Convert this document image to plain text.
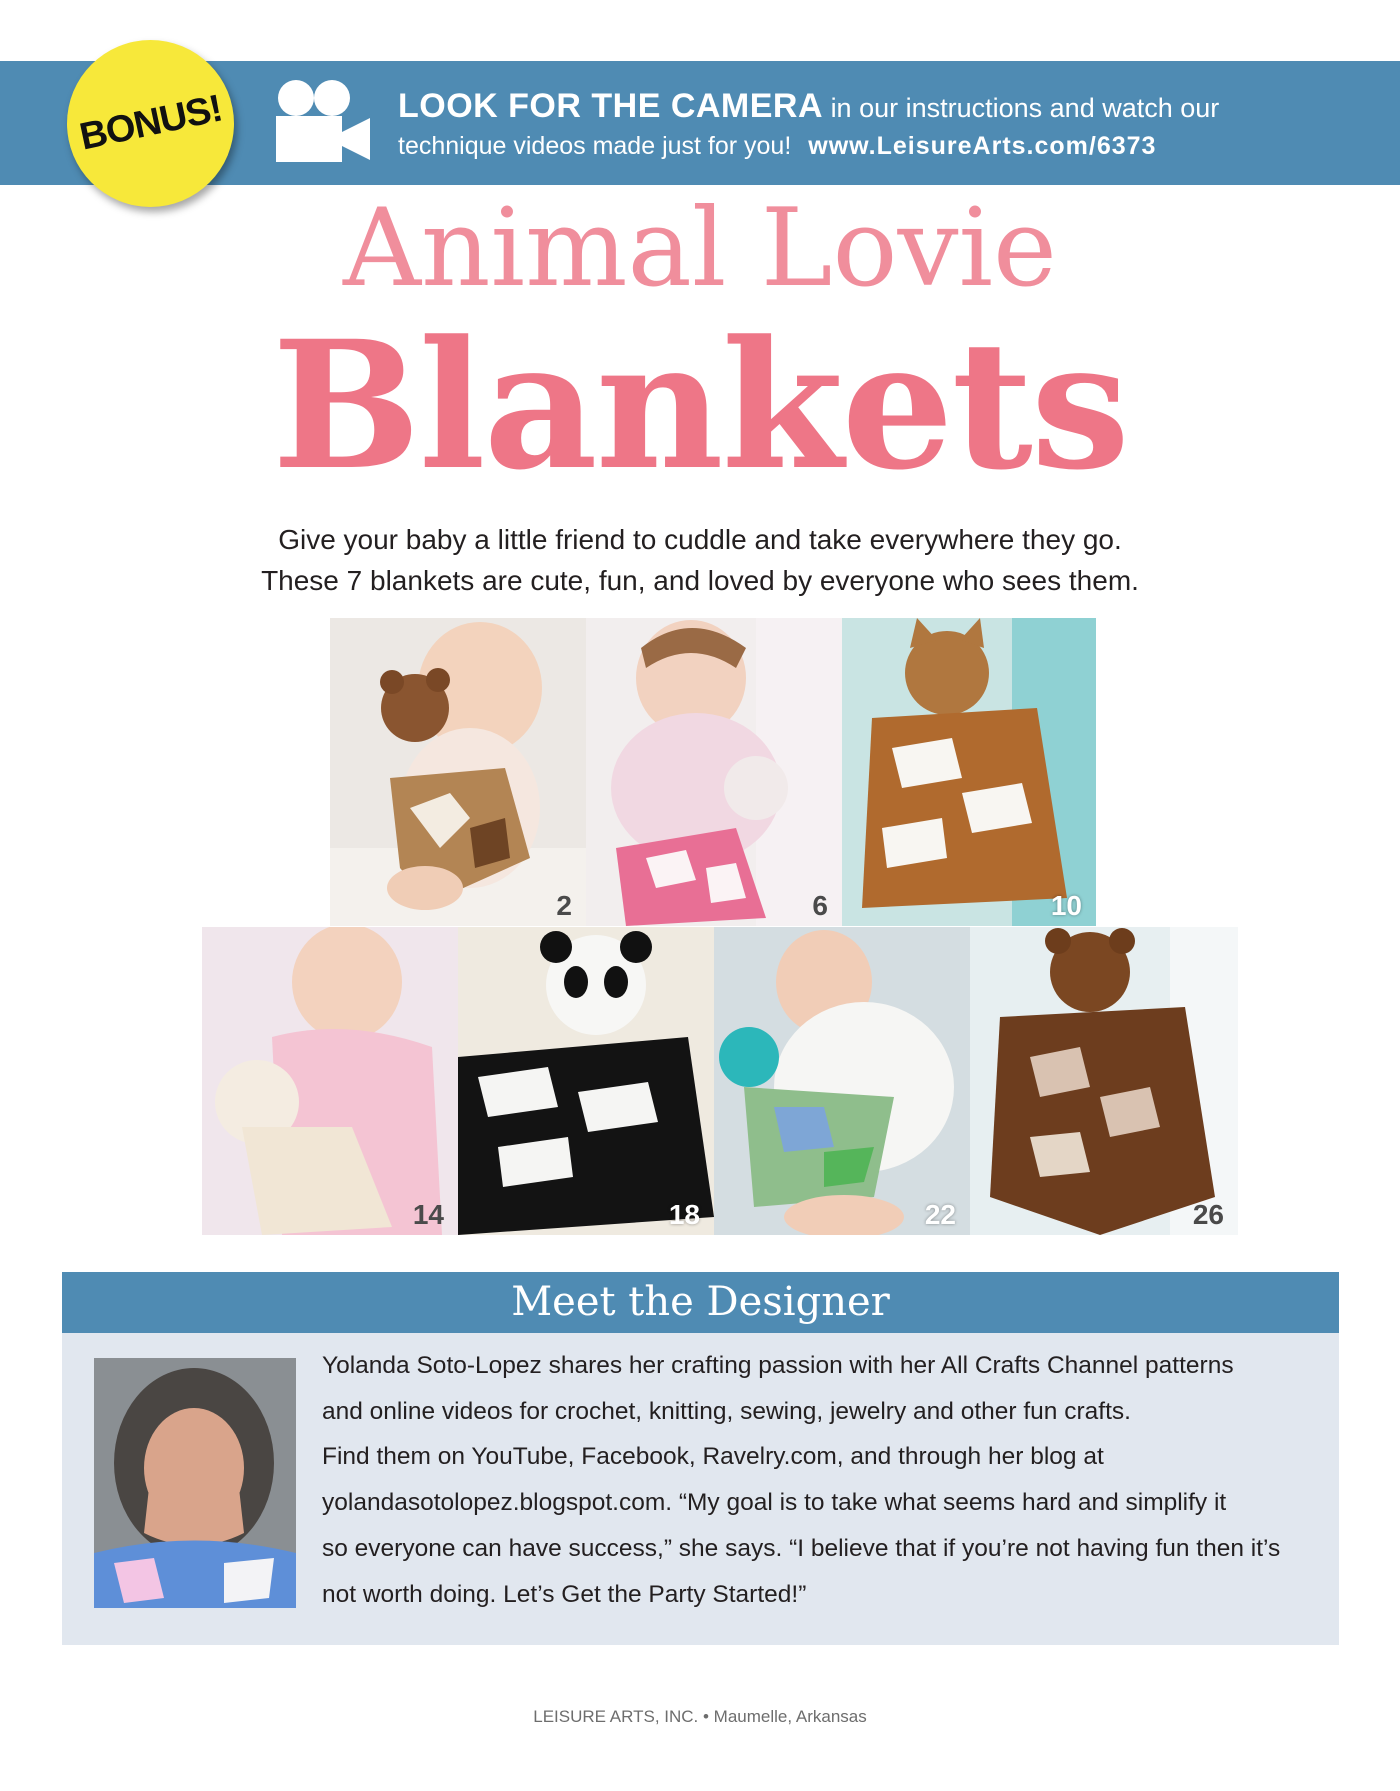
BONUS!	LOOK FOR THE CAMERA in our instructions and watch our
technique videos made just for you! www.LeisureArts.com/6373
Animal Lovie
Blankets
Give your baby a little friend to cuddle and take everywhere they go.
These 7 blankets are cute, fun, and loved by everyone who sees them.
2	6	10
14	18	22	26
Meet the Designer

Yolanda Soto-Lopez shares her crafting passion with her All Crafts Channel patterns

and online videos for crochet, knitting, sewing, jewelry and other fun crafts.

Find them on YouTube, Facebook, Ravelry.com, and through her blog at

yolandasotolopez.blogspot.com. “My goal is to take what seems hard and simplify it

so everyone can have success,” she says. “I believe that if you’re not having fun then it’s

not worth doing. Let’s Get the Party Started!”

LEISURE ARTS, INC. • Maumelle, Arkansas
